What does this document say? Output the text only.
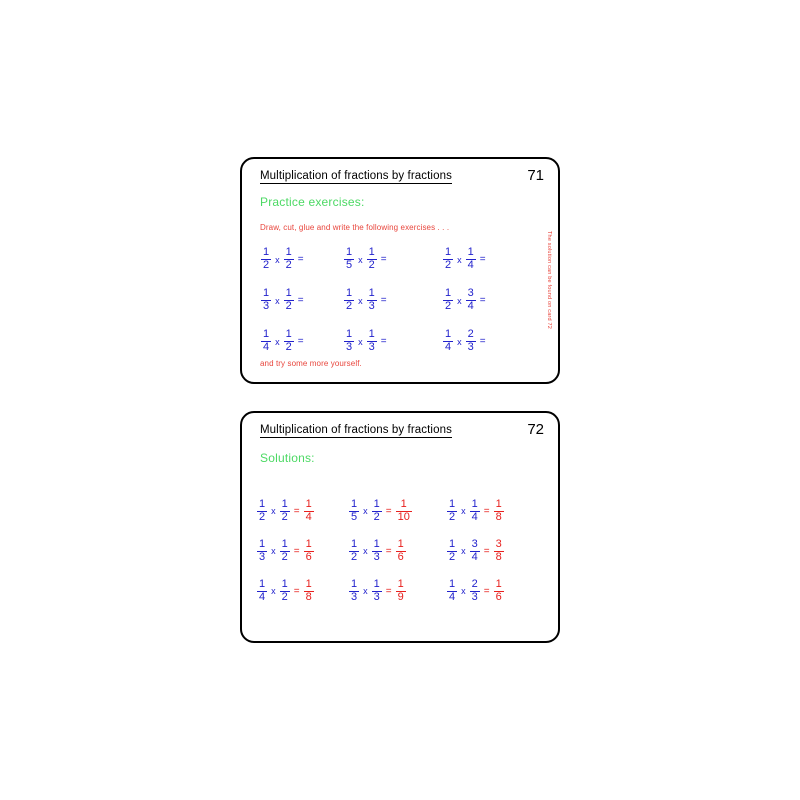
Multiplication of fractions by fractions	71
Practice exercises:
Draw, cut, glue and write the following exercises . . .
The solution can be found on card 72
$\frac{1}{2}$ x $\frac{1}{2}$ =	$\frac{1}{5}$ x $\frac{1}{2}$ =	$\frac{1}{2}$ x $\frac{1}{4}$ =
$\frac{1}{3}$ x $\frac{1}{2}$ =	$\frac{1}{2}$ x $\frac{1}{3}$ =	$\frac{1}{2}$ x $\frac{3}{4}$ =
$\frac{1}{4}$ x $\frac{1}{2}$ =	$\frac{1}{3}$ x $\frac{1}{3}$ =	$\frac{1}{4}$ x $\frac{2}{3}$ =
and try some more yourself.
Multiplication of fractions by fractions	72
Solutions:
$\frac{1}{2}$ x $\frac{1}{2} = \frac{1}{4}$	$\frac{1}{5}$ x $\frac{1}{2} = \frac{1}{10}$	$\frac{1}{2}$ x $\frac{1}{4} = \frac{1}{8}$
$\frac{1}{3}$ x $\frac{1}{2} = \frac{1}{6}$	$\frac{1}{2}$ x $\frac{1}{3} = \frac{1}{6}$	$\frac{1}{2}$ x $\frac{3}{4} = \frac{3}{8}$
$\frac{1}{4}$ x $\frac{1}{2} = \frac{1}{8}$	$\frac{1}{3}$ x $\frac{1}{3} = \frac{1}{9}$	$\frac{1}{4}$ x $\frac{2}{3} = \frac{1}{6}$
